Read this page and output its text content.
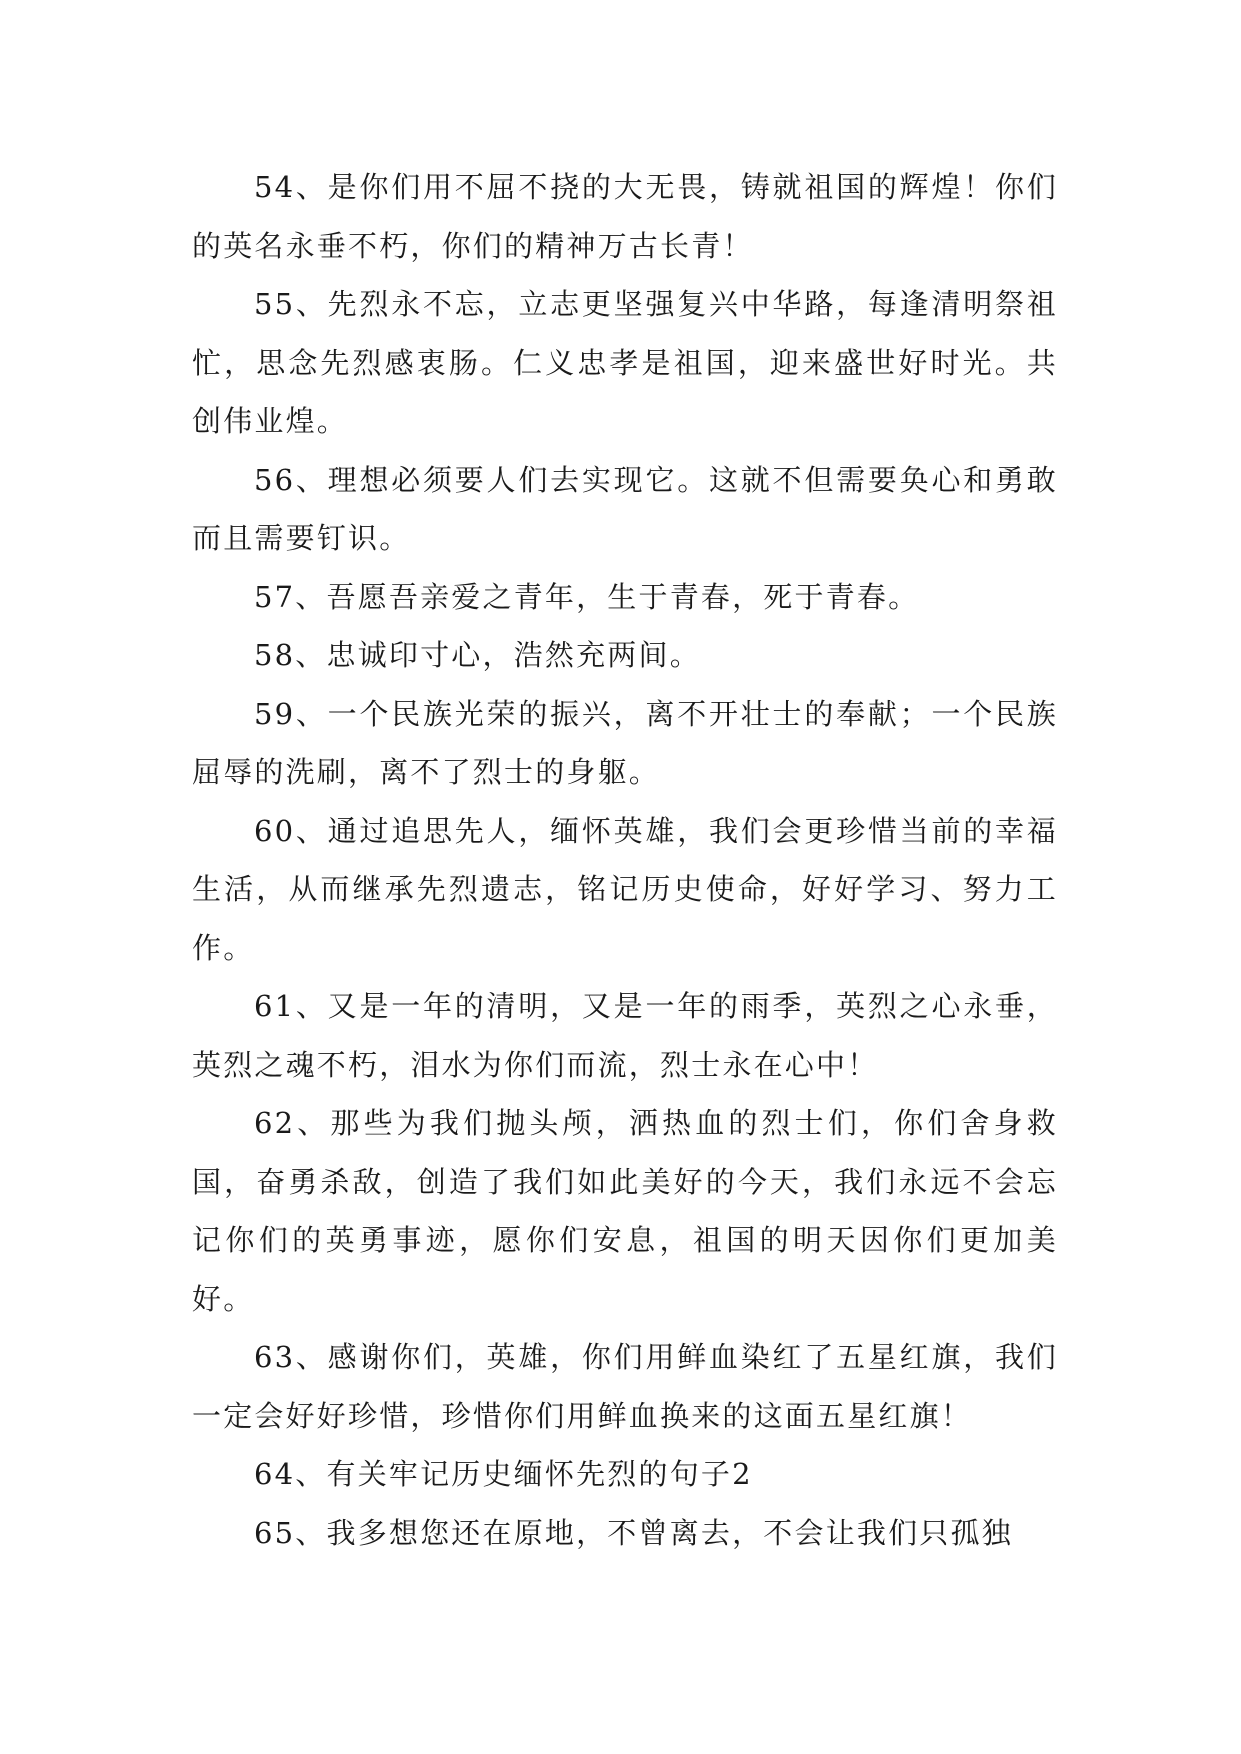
54、是你们用不屈不挠的大无畏，铸就祖国的辉煌！你们的英名永垂不朽，你们的精神万古长青！

55、先烈永不忘，立志更坚强复兴中华路，每逢清明祭祖忙，思念先烈感衷肠。仁义忠孝是祖国，迎来盛世好时光。共创伟业煌。

56、理想必须要人们去实现它。这就不但需要奂心和勇敢而且需要钉识。

57、吾愿吾亲爱之青年，生于青春，死于青春。

58、忠诚印寸心，浩然充两间。

59、一个民族光荣的振兴，离不开壮士的奉献；一个民族屈辱的洗刷，离不了烈士的身躯。

60、通过追思先人，缅怀英雄，我们会更珍惜当前的幸福生活，从而继承先烈遗志，铭记历史使命，好好学习、努力工作。

61、又是一年的清明，又是一年的雨季，英烈之心永垂，英烈之魂不朽，泪水为你们而流，烈士永在心中！

62、那些为我们抛头颅，洒热血的烈士们，你们舍身救国，奋勇杀敌，创造了我们如此美好的今天，我们永远不会忘记你们的英勇事迹，愿你们安息，祖国的明天因你们更加美好。

63、感谢你们，英雄，你们用鲜血染红了五星红旗，我们一定会好好珍惜，珍惜你们用鲜血换来的这面五星红旗！

64、有关牢记历史缅怀先烈的句子2

65、我多想您还在原地，不曾离去，不会让我们只孤独
